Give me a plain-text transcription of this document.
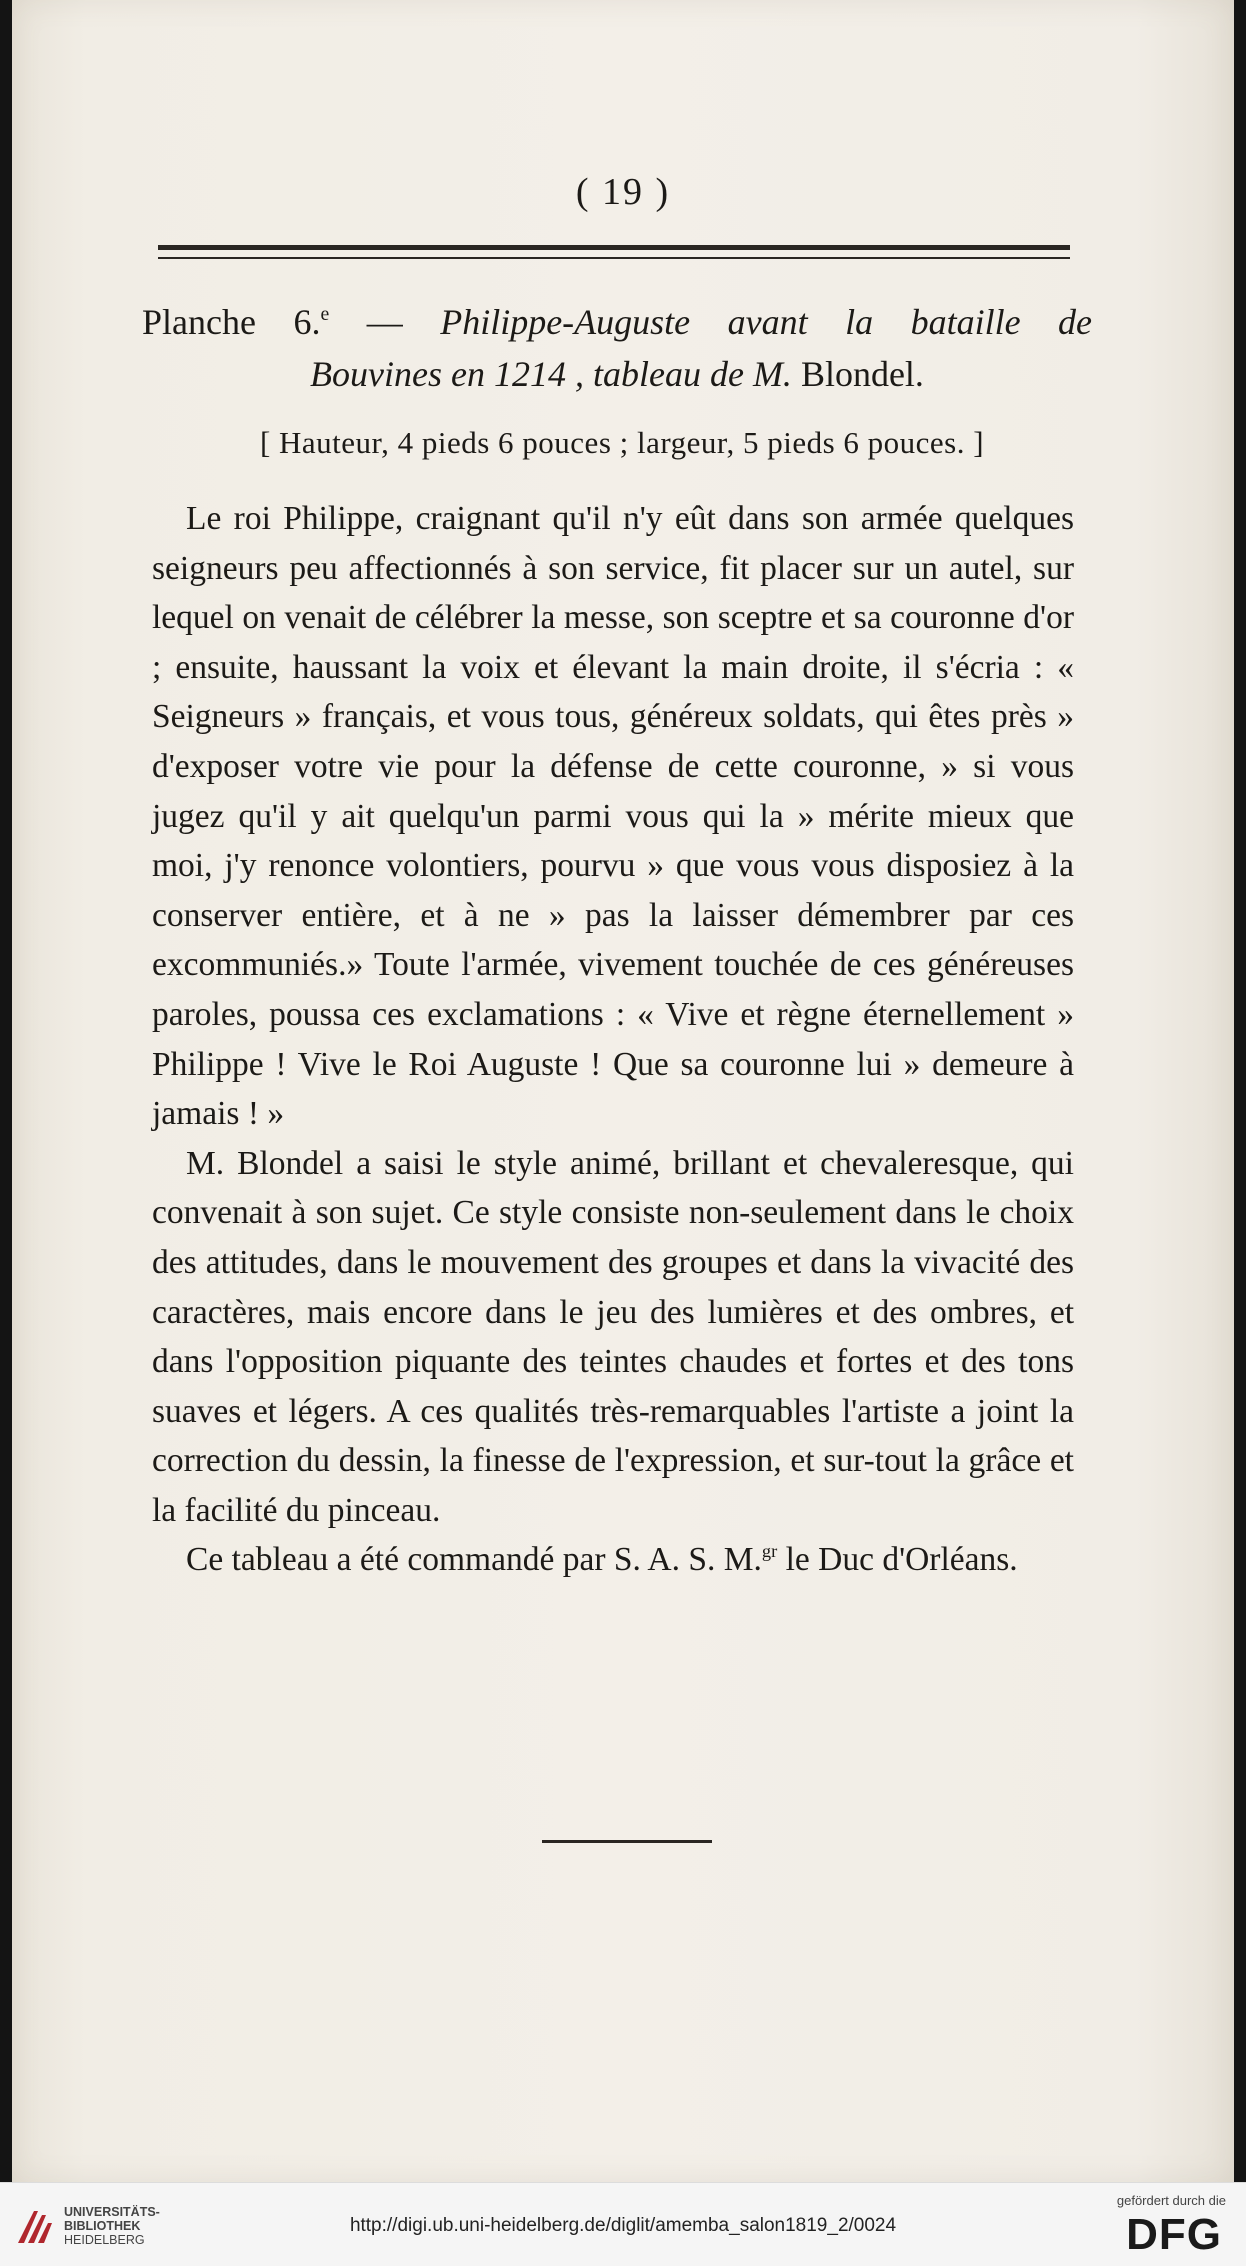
( 19 )
Planche 6.$^e$ — Philippe-Auguste avant la bataille de
Bouvines en 1214 , tableau de M. Blondel.
[ Hauteur, 4 pieds 6 pouces ; largeur, 5 pieds 6 pouces. ]

Le roi Philippe, craignant qu'il n'y eût dans son armée quelques seigneurs peu affectionnés à son service, fit placer sur un autel, sur lequel on venait de célébrer la messe, son sceptre et sa couronne d'or ; ensuite, haussant la voix et élevant la main droite, il s'écria : « Seigneurs » français, et vous tous, généreux soldats, qui êtes près » d'exposer votre vie pour la défense de cette couronne, » si vous jugez qu'il y ait quelqu'un parmi vous qui la » mérite mieux que moi, j'y renonce volontiers, pourvu » que vous vous disposiez à la conserver entière, et à ne » pas la laisser démembrer par ces excommuniés.» Toute l'armée, vivement touchée de ces généreuses paroles, poussa ces exclamations : « Vive et règne éternellement » Philippe ! Vive le Roi Auguste ! Que sa couronne lui » demeure à jamais ! »

M. Blondel a saisi le style animé, brillant et chevaleresque, qui convenait à son sujet. Ce style consiste non-seulement dans le choix des attitudes, dans le mouvement des groupes et dans la vivacité des caractères, mais encore dans le jeu des lumières et des ombres, et dans l'opposition piquante des teintes chaudes et fortes et des tons suaves et légers. A ces qualités très-remarquables l'artiste a joint la correction du dessin, la finesse de l'expression, et sur-tout la grâce et la facilité du pinceau.

Ce tableau a été commandé par S. A. S. M.$^{gr}$ le Duc d'Orléans.

UNIVERSITÄTS-
BIBLIOTHEK
HEIDELBERG
http://digi.ub.uni-heidelberg.de/diglit/amemba_salon1819_2/0024
gefördert durch die
DFG
